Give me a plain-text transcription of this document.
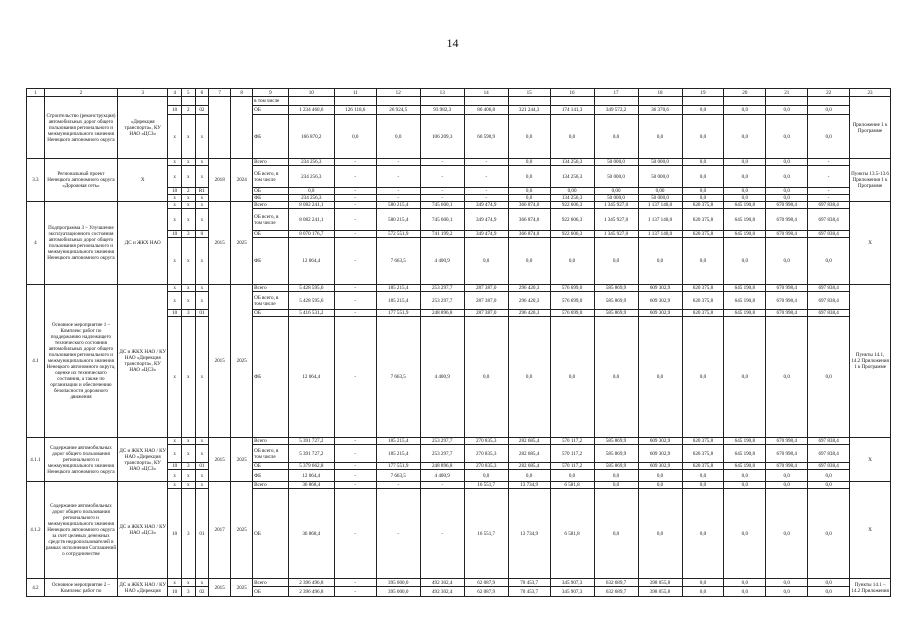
14
1	2	3	4	5	6	7	8	9	10	11	12	13	14	15	16	17	18	19	20	21	22	23
	Строительство (реконструкция) автомобильных дорог общего пользования регионального и межмуниципального значения Ненецкого автономного округа	«Дирекция транспорта», КУ НАО «ЦСЗ»						в том числе														Приложение 1 к Программе
			10	2	02			ОБ	1 234 460,6	126 118,6	26 924,5	93 982,3	86 406,8	321 244,3	174 141,3	349 572,2	36 370,6	0,0	0,0	0,0	0,0	
			х	х	х			ФБ	166 870,2	0,0	0,0	106 209,3	60 590,9	0,0	0,0	0,0	0,0	0,0	0,0	0,0	0,0	
3.3	Региональный проект Ненецкого автономного округа «Дорожная сеть»	Х	х	х	х	2018	2024	Всего	234 256,3	-	-	-	-	0,0	134 256,3	50 000,0	50 000,0	0,0	0,0	0,0	-	Пункты 13.5-13.6 Приложения 1 к Программе
			х	х	х			ОБ всего, в том числе	234 256,3	-	-	-	-	0,0	134 256,3	50 000,0	50 000,0	0,0	0,0	0,0	-	
			10	2	R1			ОБ	0,0	-	-	-	-	0,0	0,00	0,00	0,00	0,0	0,0	0,0	-	
			х	х	х			ФБ	234 256,3	-	-	-	-	0,0	134 256,3	50 000,0	50 000,0	0,0	0,0	0,0	-	
4	Подпрограмма 3 – Улучшение эксплуатационного состояния автомобильных дорог общего пользования регионального и межмуниципального значения Ненецкого автономного округа	ДС и ЖКХ НАО	х	х	х	2015	2025	Всего	8 082 241,1	-	580 215,4	745 600,1	349 474,9	366 874,0	922 606,3	1 345 927,0	1 137 140,0	620 375,8	645 190,8	670 998,4	697 838,4	Х
			х	х	х			ОБ всего, в том числе	8 082 241,1	-	580 215,4	745 600,1	349 474,9	366 874,0	922 606,3	1 345 927,0	1 137 140,0	620 375,8	645 190,8	670 998,4	697 838,4	
			10	3	0			ОБ	8 070 176,7	-	572 551,9	741 199,2	349 474,9	366 874,0	922 606,3	1 345 927,0	1 137 140,0	620 375,8	645 190,8	670 998,4	697 838,4	
			х	х	х			ФБ	12 064,4	-	7 663,5	4 400,9	0,0	0,0	0,0	0,0	0,0	0,0	0,0	0,0	0,0	
4.1	Основное мероприятие 1 – Комплекс работ по поддержанию надлежащего технического состояния автомобильных дорог общего пользования регионального и межмуниципального значения Ненецкого автономного округа, оценке их технического состояния, а также по организации и обеспечению безопасности дорожного движения	ДС и ЖКХ НАО / КУ НАО «Дирекция транспорта», КУ НАО «ЦСЗ»	х	х	х	2015	2025	Всего	5 428 595,6	-	185 215,4	253 297,7	287 387,0	296 420,3	576 699,0	585 869,9	609 302,9	620 375,8	645 190,8	670 998,4	697 838,4	Пункты 14.1, 14.2 Приложения 1 к Программе
			х	х	х			ОБ всего, в том числе	5 428 595,6	-	185 215,4	253 297,7	287 387,0	296 420,3	576 699,0	585 869,9	609 302,9	620 375,8	645 190,8	670 998,4	697 838,4	
			10	3	01			ОБ	5 416 531,2	-	177 551,9	248 896,8	287 387,0	296 420,3	576 699,0	585 869,9	609 302,9	620 375,8	645 190,8	670 998,4	697 838,4	
			х	х	х			ФБ	12 064,4	-	7 663,5	4 400,9	0,0	0,0	0,0	0,0	0,0	0,0	0,0	0,0	0,0	
4.1.1	Содержание автомобильных дорог общего пользования регионального и межмуниципального значения Ненецкого автономного округа	ДС и ЖКХ НАО / КУ НАО «Дирекция транспорта», КУ НАО «ЦСЗ»	х	х	х	2015	2025	Всего	5 391 727,2	-	185 215,4	253 297,7	270 835,3	282 685,4	570 117,2	585 869,9	609 302,9	620 375,8	645 190,8	670 998,4	697 838,4	Х
			х	х	х			ОБ всего, в том числе	5 391 727,2	-	185 215,4	253 297,7	270 835,3	282 685,4	570 117,2	585 869,9	609 302,9	620 375,8	645 190,8	670 998,4	697 838,4	
			10	3	01			ОБ	5 379 662,8	-	177 551,9	248 896,8	270 835,3	282 685,4	570 117,2	585 869,9	609 302,9	620 375,8	645 190,8	670 998,4	697 838,4	
			х	х	х			ФБ	12 064,4	-	7 663,5	4 400,9	0,0	0,0	0,0	0,0	0,0	0,0	0,0	0,0	0,0	
4.1.2	Содержание автомобильных дорог общего пользования регионального и межмуниципального значения Ненецкого автономного округа за счет целевых денежных средств недропользователей в рамках исполнения Соглашений о сотрудничестве	ДС и ЖКХ НАО / КУ НАО «ЦСЗ»	х	х	х	2017	2025	Всего	36 868,4	-	-	-	16 551,7	13 734,9	6 581,8	0,0	0,0	0,0	0,0	0,0	0,0	Х
			10	3	01			ОБ	36 868,4	-	-	-	16 551,7	13 734,9	6 581,8	0,0	0,0	0,0	0,0	0,0	0,0	
4.2	Основное мероприятие 2 – Комплекс работ по	ДС и ЖКХ НАО / КУ НАО «Дирекция	х	х	х	2015	2025	Всего	2 396 496,8	-	395 000,0	492 302,4	62 087,9	70 453,7	345 907,3	632 689,7	398 055,8	0,0	0,0	0,0	0,0	Пункты 14.1 – 14.2 Приложения
			10	3	02			ОБ	2 396 496,8	-	395 000,0	492 302,4	62 087,9	70 453,7	345 907,3	632 689,7	398 055,8	0,0	0,0	0,0	0,0	
